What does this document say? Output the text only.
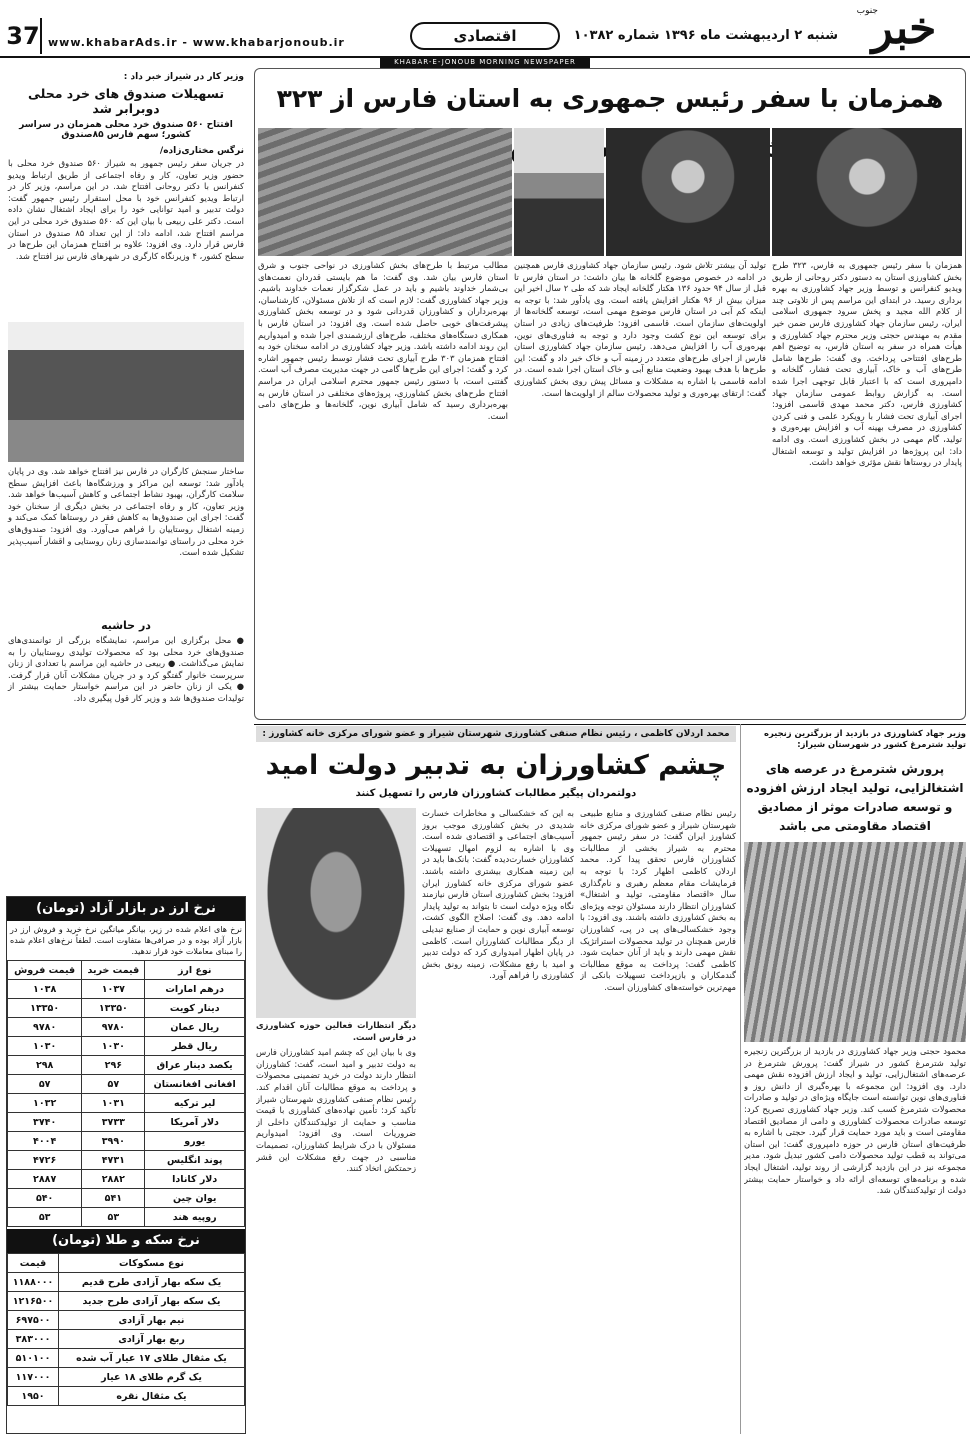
خبر
جنوب
شنبه ۲ اردیبهشت ماه ۱۳۹۶ شماره ۱۰۳۸۲
اقتصادی
www.khabarAds.ir - www.khabarjonoub.ir
37
KHABAR-E-JONOUB MORNING NEWSPAPER
همزمان با سفر رئیس جمهوری به استان فارس از ۳۲۳
همزمان با سفر رئیس جمهوری به فارس، ۳۲۳ طرح بخش کشاورزی استان به دستور دکتر روحانی از طریق ویدیو کنفرانس و توسط وزیر جهاد کشاورزی به بهره برداری رسید. در ابتدای این مراسم پس از تلاوتی چند از کلام الله مجید و پخش سرود جمهوری اسلامی ایران، رئیس سازمان جهاد کشاورزی فارس ضمن خیر مقدم به مهندس حجتی وزیر محترم جهاد کشاورزی و هیأت همراه در سفر به استان فارس، به توضیح اهم طرح‌های افتتاحی پرداخت. وی گفت: طرح‌ها شامل طرح‌های آب و خاک، آبیاری تحت فشار، گلخانه و دامپروری است که با اعتبار قابل توجهی اجرا شده است. به گزارش روابط عمومی سازمان جهاد کشاورزی فارس، دکتر محمد مهدی قاسمی افزود: اجرای آبیاری تحت فشار با رویکرد علمی و فنی کردن کشاورزی در مصرف بهینه آب و افزایش بهره‌وری و تولید، گام مهمی در بخش کشاورزی است. وی ادامه داد: این پروژه‌ها در افزایش تولید و توسعه اشتغال پایدار در روستاها نقش مؤثری خواهد داشت.
تولید آن بیشتر تلاش شود. رئیس سازمان جهاد کشاورزی فارس همچنین در ادامه در خصوص موضوع گلخانه ها بیان داشت: در استان فارس تا قبل از سال ۹۴ حدود ۱۳۶ هکتار گلخانه ایجاد شد که طی ۲ سال اخیر این میزان بیش از ۹۶ هکتار افزایش یافته است. وی یادآور شد: با توجه به اینکه کم آبی در استان فارس موضوع مهمی است، توسعه گلخانه‌ها از اولویت‌های سازمان است. قاسمی افزود: ظرفیت‌های زیادی در استان برای توسعه این نوع کشت وجود دارد و توجه به فناوری‌های نوین، بهره‌وری آب را افزایش می‌دهد. رئیس سازمان جهاد کشاورزی استان فارس از اجرای طرح‌های متعدد در زمینه آب و خاک خبر داد و گفت: این طرح‌ها با هدف بهبود وضعیت منابع آبی و خاک استان اجرا شده است. در ادامه قاسمی با اشاره به مشکلات و مسائل پیش روی بخش کشاورزی گفت: ارتقای بهره‌وری و تولید محصولات سالم از اولویت‌ها است.
مطالب مرتبط با طرح‌های بخش کشاورزی در نواحی جنوب و شرق استان فارس بیان شد. وی گفت: ما هم بایستی قدردان نعمت‌های بی‌شمار خداوند باشیم و باید در عمل شکرگزار نعمات خداوند باشیم. وزیر جهاد کشاورزی گفت: لازم است که از تلاش مسئولان، کارشناسان، بهره‌برداران و کشاورزان قدردانی شود و در توسعه بخش کشاورزی پیشرفت‌های خوبی حاصل شده است. وی افزود: در استان فارس با همکاری دستگاه‌های مختلف، طرح‌های ارزشمندی اجرا شده و امیدواریم این روند ادامه داشته باشد. وزیر جهاد کشاورزی در ادامه سخنان خود به افتتاح همزمان ۳۰۳ طرح آبیاری تحت فشار توسط رئیس جمهور اشاره کرد و گفت: اجرای این طرح‌ها گامی در جهت مدیریت مصرف آب است. گفتنی است، با دستور رئیس جمهور محترم اسلامی ایران در مراسم افتتاح طرح‌های بخش کشاورزی، پروژه‌های مختلفی در استان فارس به بهره‌برداری رسید که شامل آبیاری نوین، گلخانه‌ها و طرح‌های دامی است.
وزیر کار در شیراز خبر داد :
تسهیلات صندوق های خرد محلی دوبرابر شد
افتتاح ۵۶۰ صندوق خرد محلی همزمان در سراسر کشور؛ سهم فارس ۸۵صندوق
نرگس مختاری‌زاده/
در جریان سفر رئیس جمهور به شیراز ۵۶۰ صندوق خرد محلی با حضور وزیر تعاون، کار و رفاه اجتماعی از طریق ارتباط ویدیو کنفرانس با دکتر روحانی افتتاح شد. در این مراسم، وزیر کار در ارتباط ویدیو کنفرانس خود با محل استقرار رئیس جمهور گفت: دولت تدبیر و امید توانایی خود را برای ایجاد اشتغال نشان داده است. دکتر علی ربیعی با بیان این که ۵۶۰ صندوق خرد محلی در این مراسم افتتاح شد، ادامه داد: از این تعداد ۸۵ صندوق در استان فارس قرار دارد. وی افزود: علاوه بر افتتاح همزمان این طرح‌ها در سطح کشور، ۴ وزیرنگاه کارگری در شهرهای فارس نیز افتتاح شد.
ساختار سنجش کارگران در فارس نیز افتتاح خواهد شد. وی در پایان یادآور شد: توسعه این مراکز و ورزشگاه‌ها باعث افزایش سطح سلامت کارگران، بهبود نشاط اجتماعی و کاهش آسیب‌ها خواهد شد. وزیر تعاون، کار و رفاه اجتماعی در بخش دیگری از سخنان خود گفت: اجرای این صندوق‌ها به کاهش فقر در روستاها کمک می‌کند و زمینه اشتغال روستاییان را فراهم می‌آورد. وی افزود: صندوق‌های خرد محلی در راستای توانمندسازی زنان روستایی و اقشار آسیب‌پذیر تشکیل شده است.
در حاشیه
● محل برگزاری این مراسم، نمایشگاه بزرگی از توانمندی‌های صندوق‌های خرد محلی بود که محصولات تولیدی روستاییان را به نمایش می‌گذاشت. ● ربیعی در حاشیه این مراسم با تعدادی از زنان سرپرست خانوار گفتگو کرد و در جریان مشکلات آنان قرار گرفت. ● یکی از زنان حاضر در این مراسم خواستار حمایت بیشتر از تولیدات صندوق‌ها شد و وزیر کار قول پیگیری داد.
نرخ ارز در بازار آزاد (تومان)
نرخ های اعلام شده در زیر، بیانگر میانگین نرخ خرید و فروش ارز در بازار آزاد بوده و در صرافی‌ها متفاوت است. لطفاً نرخ‌های اعلام شده را مبنای معاملات خود قرار ندهید.
نوع ارز	قیمت خرید	قیمت فروش
درهم امارات	۱۰۳۷	۱۰۳۸
دینار کویت	۱۳۳۵۰	۱۳۳۵۰
ریال عمان	۹۷۸۰	۹۷۸۰
ریال قطر	۱۰۳۰	۱۰۳۰
یکصد دینار عراق	۲۹۶	۲۹۸
افغانی افغانستان	۵۷	۵۷
لیر ترکیه	۱۰۳۱	۱۰۳۲
دلار آمریکا	۳۷۳۳	۳۷۴۰
یورو	۳۹۹۰	۴۰۰۴
پوند انگلیس	۴۷۳۱	۴۷۲۶
دلار کانادا	۲۸۸۲	۲۸۸۷
یوان چین	۵۴۱	۵۴۰
روپیه هند	۵۳	۵۳
نرخ سکه و طلا (تومان)
نوع مسکوکات	قیمت
یک سکه بهار آزادی طرح قدیم	۱۱۸۸۰۰۰
یک سکه بهار آزادی طرح جدید	۱۲۱۶۵۰۰
نیم بهار آزادی	۶۹۷۵۰۰
ربع بهار آزادی	۳۸۳۰۰۰
یک مثقال طلای ۱۷ عیار آب شده	۵۱۰۱۰۰
یک گرم طلای ۱۸ عیار	۱۱۷۰۰۰
یک مثقال نقره	۱۹۵۰
محمد اردلان کاظمی ، رئیس نظام صنفی کشاورزی شهرستان شیراز و عضو شورای مرکزی خانه کشاورز :
چشم کشاورزان به تدبیر دولت امید
دولتمردان پیگیر مطالبات کشاورزان فارس را تسهیل کنند
دیگر انتظارات فعالین حوزه کشاورزی در فارس است.
وی با بیان این که چشم امید کشاورزان فارس به دولت تدبیر و امید است، گفت: کشاورزان انتظار دارند دولت در خرید تضمینی محصولات و پرداخت به موقع مطالبات آنان اقدام کند. رئیس نظام صنفی کشاورزی شهرستان شیراز تأکید کرد: تأمین نهاده‌های کشاورزی با قیمت مناسب و حمایت از تولیدکنندگان داخلی از ضروریات است. وی افزود: امیدواریم مسئولان با درک شرایط کشاورزان، تصمیمات مناسبی در جهت رفع مشکلات این قشر زحمتکش اتخاذ کنند.
به این که خشکسالی و مخاطرات خسارت شدیدی در بخش کشاورزی موجب بروز آسیب‌های اجتماعی و اقتصادی شده است. وی با اشاره به لزوم امهال تسهیلات کشاورزان خسارت‌دیده گفت: بانک‌ها باید در این زمینه همکاری بیشتری داشته باشند. عضو شورای مرکزی خانه کشاورز ایران افزود: بخش کشاورزی استان فارس نیازمند نگاه ویژه دولت است تا بتواند به تولید پایدار ادامه دهد. وی گفت: اصلاح الگوی کشت، توسعه آبیاری نوین و حمایت از صنایع تبدیلی از دیگر مطالبات کشاورزان است. کاظمی در پایان اظهار امیدواری کرد که دولت تدبیر و امید با رفع مشکلات، زمینه رونق بخش کشاورزی را فراهم آورد.
رئیس نظام صنفی کشاورزی و منابع طبیعی شهرستان شیراز و عضو شورای مرکزی خانه کشاورز ایران گفت: در سفر رئیس جمهور محترم به شیراز بخشی از مطالبات کشاورزان فارس تحقق پیدا کرد. محمد اردلان کاظمی اظهار کرد: با توجه به فرمایشات مقام معظم رهبری و نام‌گذاری سال «اقتصاد مقاومتی، تولید و اشتغال» کشاورزان انتظار دارند مسئولان توجه ویژه‌ای به بخش کشاورزی داشته باشند. وی افزود: با وجود خشکسالی‌های پی در پی، کشاورزان فارس همچنان در تولید محصولات استراتژیک نقش مهمی دارند و باید از آنان حمایت شود. کاظمی گفت: پرداخت به موقع مطالبات گندمکاران و بازپرداخت تسهیلات بانکی از مهم‌ترین خواسته‌های کشاورزان است.
وزیر جهاد کشاورزی در بازدید از بزرگترین زنجیره تولید شترمرغ کشور در شهرستان شیراز:
پرورش شترمرغ در عرصه های اشتغالزایی، تولید ایجاد ارزش افزوده و توسعه صادرات موثر از مصادیق اقتصاد مقاومتی می باشد
محمود حجتی وزیر جهاد کشاورزی در بازدید از بزرگترین زنجیره تولید شترمرغ کشور در شیراز گفت: پرورش شترمرغ در عرصه‌های اشتغال‌زایی، تولید و ایجاد ارزش افزوده نقش مهمی دارد. وی افزود: این مجموعه با بهره‌گیری از دانش روز و فناوری‌های نوین توانسته است جایگاه ویژه‌ای در تولید و صادرات محصولات شترمرغ کسب کند. وزیر جهاد کشاورزی تصریح کرد: توسعه صادرات محصولات کشاورزی و دامی از مصادیق اقتصاد مقاومتی است و باید مورد حمایت قرار گیرد. حجتی با اشاره به ظرفیت‌های استان فارس در حوزه دامپروری گفت: این استان می‌تواند به قطب تولید محصولات دامی کشور تبدیل شود. مدیر مجموعه نیز در این بازدید گزارشی از روند تولید، اشتغال ایجاد شده و برنامه‌های توسعه‌ای ارائه داد و خواستار حمایت بیشتر دولت از تولیدکنندگان شد.
